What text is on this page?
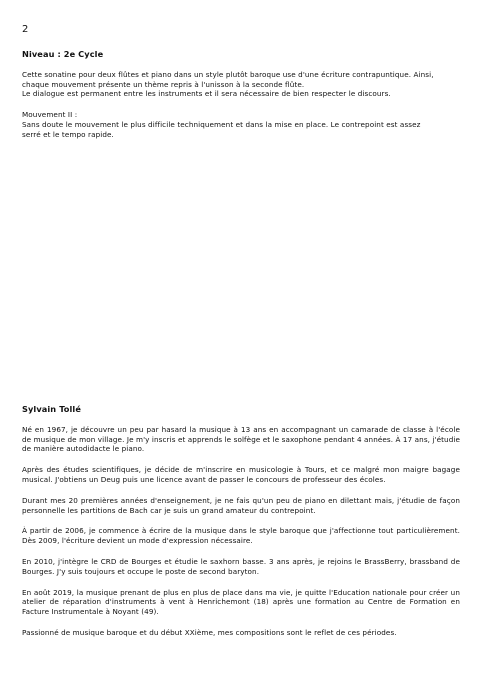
2
Niveau : 2e Cycle

Cette sonatine pour deux flûtes et piano dans un style plutôt baroque use d'une écriture contrapuntique. Ainsi,
chaque mouvement présente un thème repris à l'unisson à la seconde flûte.
Le dialogue est permanent entre les instruments et il sera nécessaire de bien respecter le discours.

Mouvement II :
Sans doute le mouvement le plus difficile techniquement et dans la mise en place. Le contrepoint est assez
serré et le tempo rapide.

Sylvain Tollé

Né en 1967, je découvre un peu par hasard la musique à 13 ans en accompagnant un camarade de classe à l'école de musique de mon village. Je m'y inscris et apprends le solfège et le saxophone pendant 4 années. À 17 ans, j'étudie de manière autodidacte le piano.

Après des études scientifiques, je décide de m'inscrire en musicologie à Tours, et ce malgré mon maigre bagage musical. J'obtiens un Deug puis une licence avant de passer le concours de professeur des écoles.

Durant mes 20 premières années d'enseignement, je ne fais qu'un peu de piano en dilettant mais, j'étudie de façon personnelle les partitions de Bach car je suis un grand amateur du contrepoint.

À partir de 2006, je commence à écrire de la musique dans le style baroque que j'affectionne tout particulièrement. Dès 2009, l'écriture devient un mode d'expression nécessaire.

En 2010, j'intègre le CRD de Bourges et étudie le saxhorn basse. 3 ans après, je rejoins le BrassBerry, brassband de Bourges. J'y suis toujours et occupe le poste de second baryton.

En août 2019, la musique prenant de plus en plus de place dans ma vie, je quitte l'Education nationale pour créer un atelier de réparation d'instruments à vent à Henrichemont (18) après une formation au Centre de Formation en Facture Instrumentale à Noyant (49).

Passionné de musique baroque et du début XXième, mes compositions sont le reflet de ces périodes.
